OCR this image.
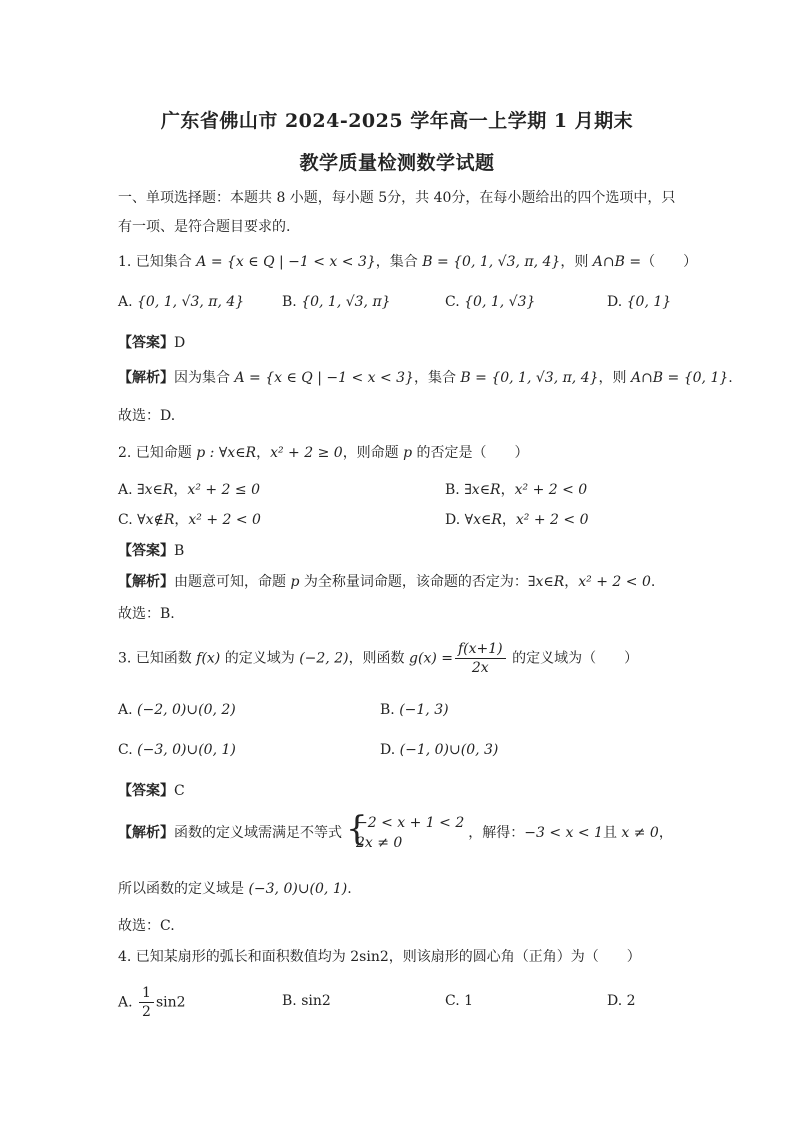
广东省佛山市 2024-2025 学年高一上学期 1 月期末
教学质量检测数学试题
一、单项选择题：本题共 8 小题，每小题 5分，共 40分，在每小题给出的四个选项中，只
有一项、是符合题目要求的.
1. 已知集合 A = {x ∈ Q | −1 < x < 3}，集合 B = {0, 1, √3, π, 4}，则 A∩B =（　　）
A. {0, 1, √3, π, 4}	B. {0, 1, √3, π}	C. {0, 1, √3}	D. {0, 1}
【答案】D
【解析】因为集合 A = {x ∈ Q | −1 < x < 3}，集合 B = {0, 1, √3, π, 4}，则 A∩B = {0, 1}.
故选：D.
2. 已知命题 p : ∀x∈R，x² + 2 ≥ 0，则命题 p 的否定是（　　）
A. ∃x∈R，x² + 2 ≤ 0	B. ∃x∈R，x² + 2 < 0
C. ∀x∉R，x² + 2 < 0	D. ∀x∈R，x² + 2 < 0
【答案】B
【解析】由题意可知，命题 p 为全称量词命题，该命题的否定为：∃x∈R，x² + 2 < 0.
故选：B.
3. 已知函数 f(x) 的定义域为 (−2, 2)，则函数 $g(x) = \frac{f(x+1)}{2x}$ 的定义域为（　　）
A. (−2, 0)∪(0, 2)	B. (−1, 3)
C. (−3, 0)∪(0, 1)	D. (−1, 0)∪(0, 3)
【答案】C
【解析】函数的定义域需满足不等式 {
−2 < x + 1 < 2
2x ≠ 0
，解得：−3 < x < 1且 x ≠ 0，
所以函数的定义域是 (−3, 0)∪(0, 1).
故选：C.
4. 已知某扇形的弧长和面积数值均为 2sin2，则该扇形的圆心角（正角）为（　　）
A. $\frac{1}{2} \sin 2$	B. sin2	C. 1	D. 2
